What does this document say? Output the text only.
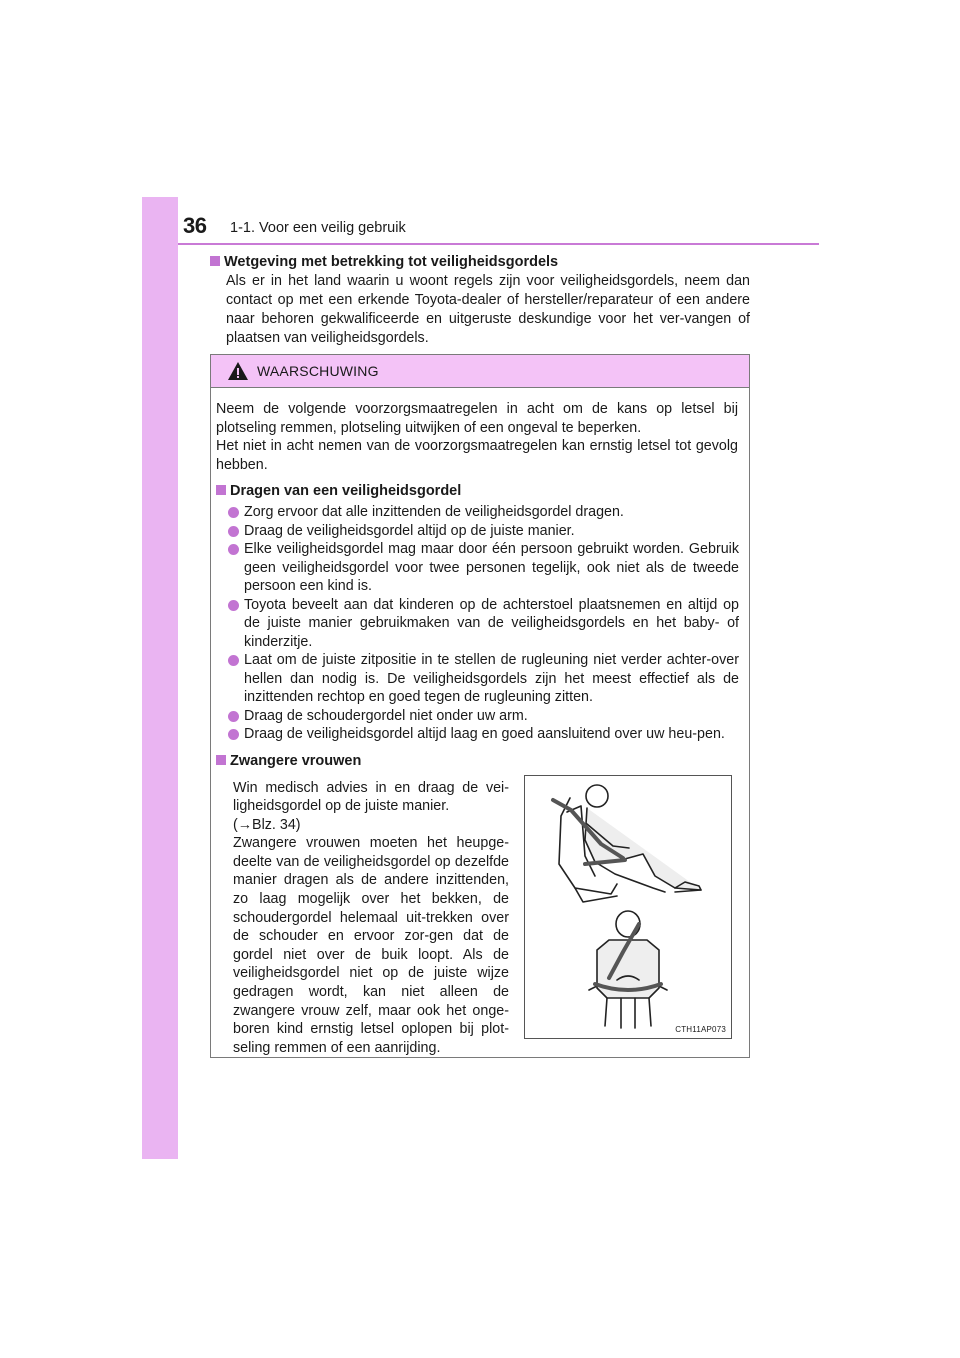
36 1-1. Voor een veilig gebruik
Wetgeving met betrekking tot veiligheidsgordels
Als er in het land waarin u woont regels zijn voor veiligheidsgordels, neem dan contact op met een erkende Toyota-dealer of hersteller/reparateur of een andere naar behoren gekwalificeerde en uitgeruste deskundige voor het ver-vangen of plaatsen van veiligheidsgordels.
WAARSCHUWING
Neem de volgende voorzorgsmaatregelen in acht om de kans op letsel bij plotseling remmen, plotseling uitwijken of een ongeval te beperken.
Het niet in acht nemen van de voorzorgsmaatregelen kan ernstig letsel tot gevolg hebben.
Dragen van een veiligheidsgordel
Zorg ervoor dat alle inzittenden de veiligheidsgordel dragen.
Draag de veiligheidsgordel altijd op de juiste manier.
Elke veiligheidsgordel mag maar door één persoon gebruikt worden. Gebruik geen veiligheidsgordel voor twee personen tegelijk, ook niet als de tweede persoon een kind is.
Toyota beveelt aan dat kinderen op de achterstoel plaatsnemen en altijd op de juiste manier gebruikmaken van de veiligheidsgordels en het baby- of kinderzitje.
Laat om de juiste zitpositie in te stellen de rugleuning niet verder achter-over hellen dan nodig is. De veiligheidsgordels zijn het meest effectief als de inzittenden rechtop en goed tegen de rugleuning zitten.
Draag de schoudergordel niet onder uw arm.
Draag de veiligheidsgordel altijd laag en goed aansluitend over uw heu-pen.
Zwangere vrouwen
Win medisch advies in en draag de vei-ligheidsgordel op de juiste manier.
(→Blz. 34)
Zwangere vrouwen moeten het heupge-deelte van de veiligheidsgordel op dezelfde manier dragen als de andere inzittenden, zo laag mogelijk over het bekken, de schoudergordel helemaal uit-trekken over de schouder en ervoor zor-gen dat de gordel niet over de buik loopt. Als de veiligheidsgordel niet op de juiste wijze gedragen wordt, kan niet alleen de zwangere vrouw zelf, maar ook het onge-boren kind ernstig letsel oplopen bij plot-seling remmen of een aanrijding.
CTH11AP073
